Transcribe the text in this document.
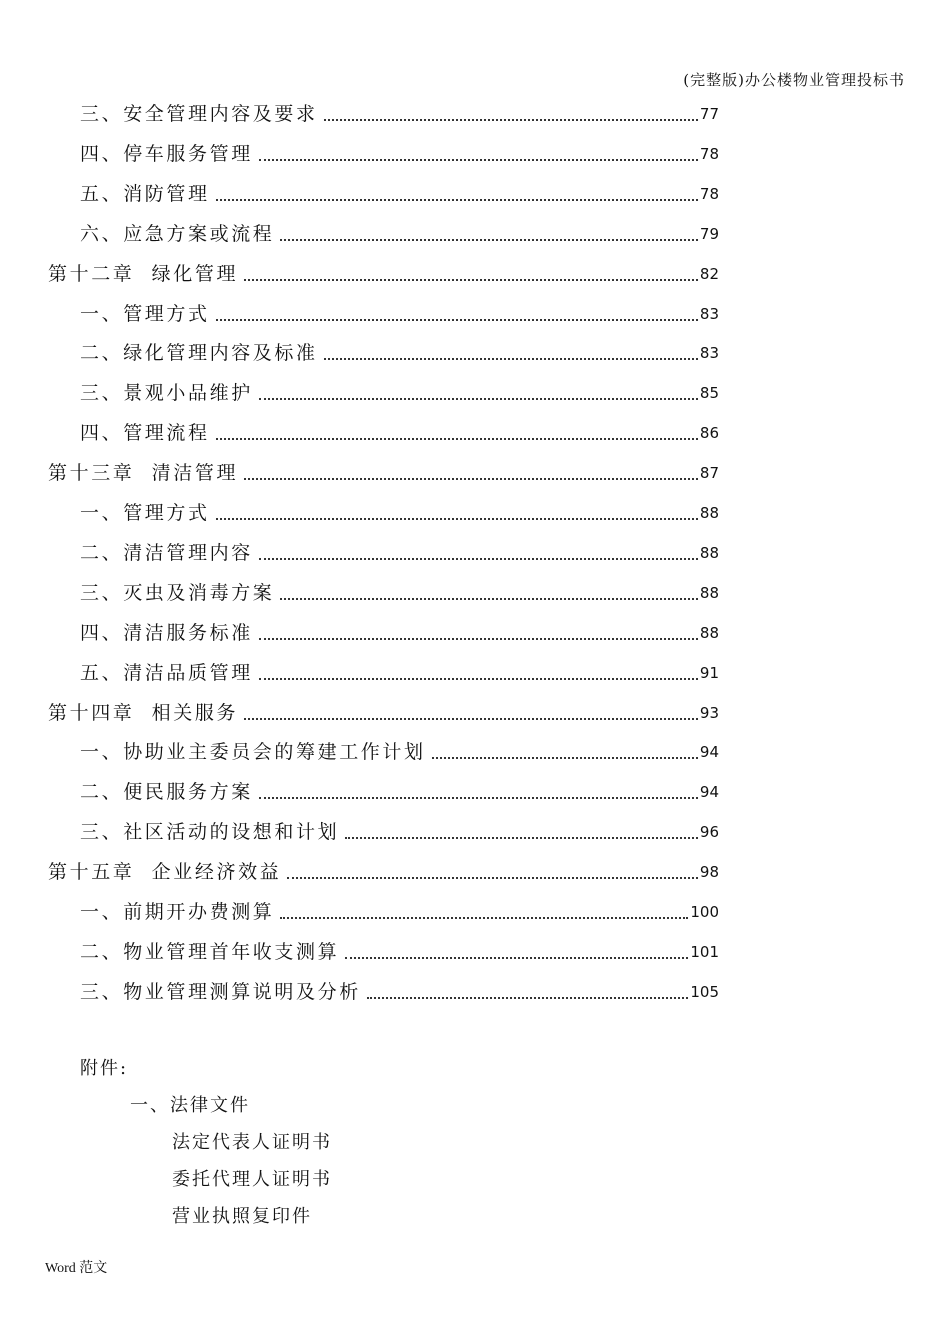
(完整版)办公楼物业管理投标书
三、安全管理内容及要求	77
四、停车服务管理	78
五、消防管理	78
六、应急方案或流程	79
第十二章  绿化管理	82
一、管理方式	83
二、绿化管理内容及标准	83
三、景观小品维护	85
四、管理流程	86
第十三章  清洁管理	87
一、管理方式	88
二、清洁管理内容	88
三、灭虫及消毒方案	88
四、清洁服务标准	88
五、清洁品质管理	91
第十四章  相关服务	93
一、协助业主委员会的筹建工作计划	94
二、便民服务方案	94
三、社区活动的设想和计划	96
第十五章  企业经济效益	98
一、前期开办费测算	100
二、物业管理首年收支测算	101
三、物业管理测算说明及分析	105
附件:
一、法律文件
法定代表人证明书
委托代理人证明书
营业执照复印件
Word 范文
